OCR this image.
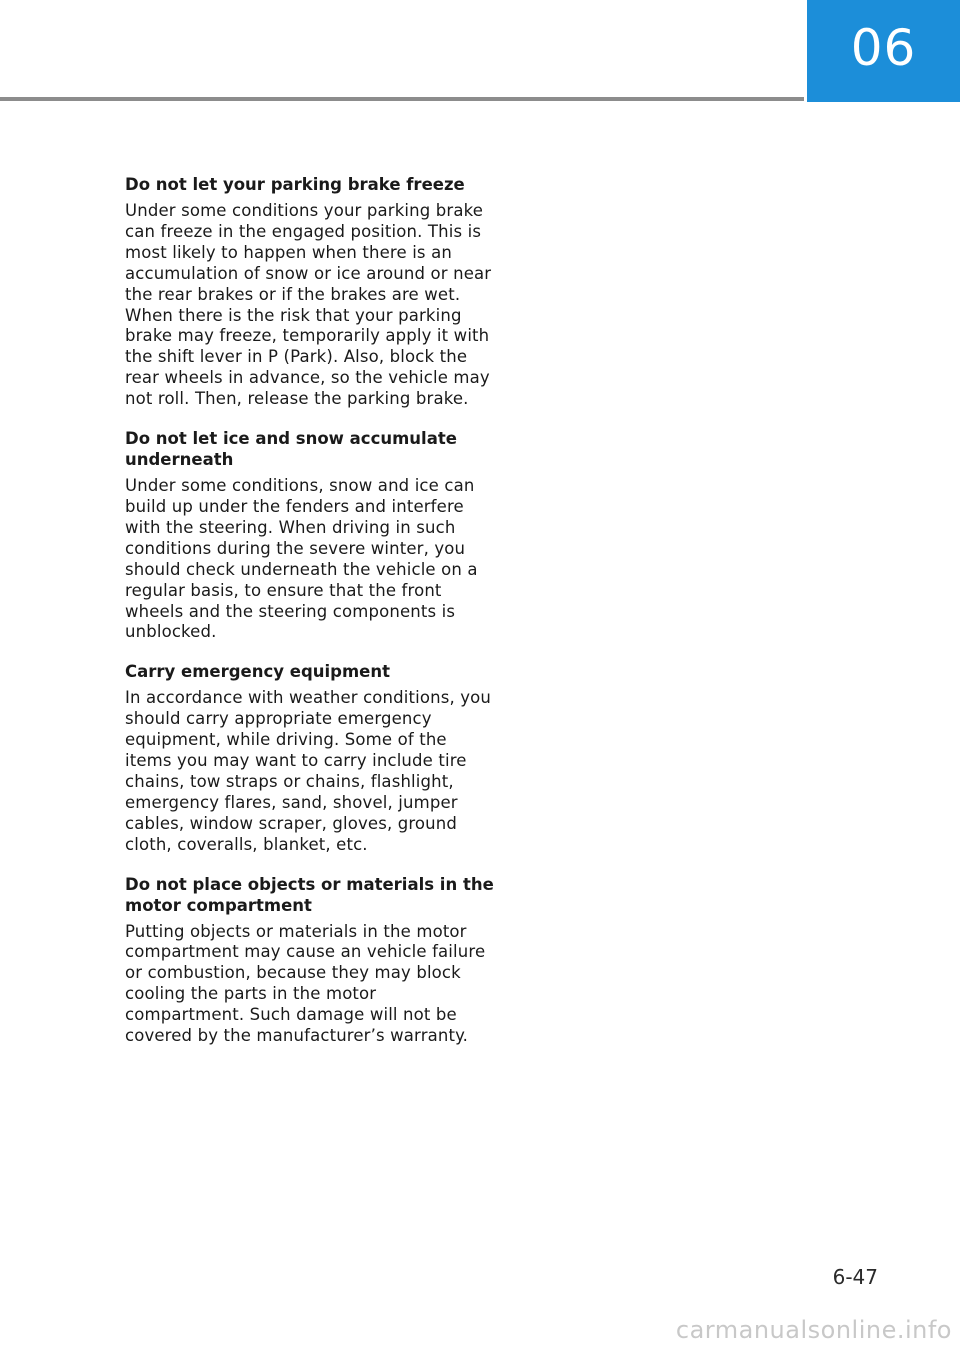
06

Do not let your parking brake freeze

Under some conditions your parking brake can freeze in the engaged position. This is most likely to happen when there is an accumulation of snow or ice around or near the rear brakes or if the brakes are wet. When there is the risk that your parking brake may freeze, temporarily apply it with the shift lever in P (Park). Also, block the rear wheels in advance, so the vehicle may not roll. Then, release the parking brake.

Do not let ice and snow accumulate underneath

Under some conditions, snow and ice can build up under the fenders and interfere with the steering. When driving in such conditions during the severe winter, you should check underneath the vehicle on a regular basis, to ensure that the front wheels and the steering components is unblocked.

Carry emergency equipment

In accordance with weather conditions, you should carry appropriate emergency equipment, while driving. Some of the items you may want to carry include tire chains, tow straps or chains, flashlight, emergency flares, sand, shovel, jumper cables, window scraper, gloves, ground cloth, coveralls, blanket, etc.

Do not place objects or materials in the motor compartment

Putting objects or materials in the motor compartment may cause an vehicle failure or combustion, because they may block cooling the parts in the motor compartment. Such damage will not be covered by the manufacturer’s warranty.

6-47
carmanualsonline.info
